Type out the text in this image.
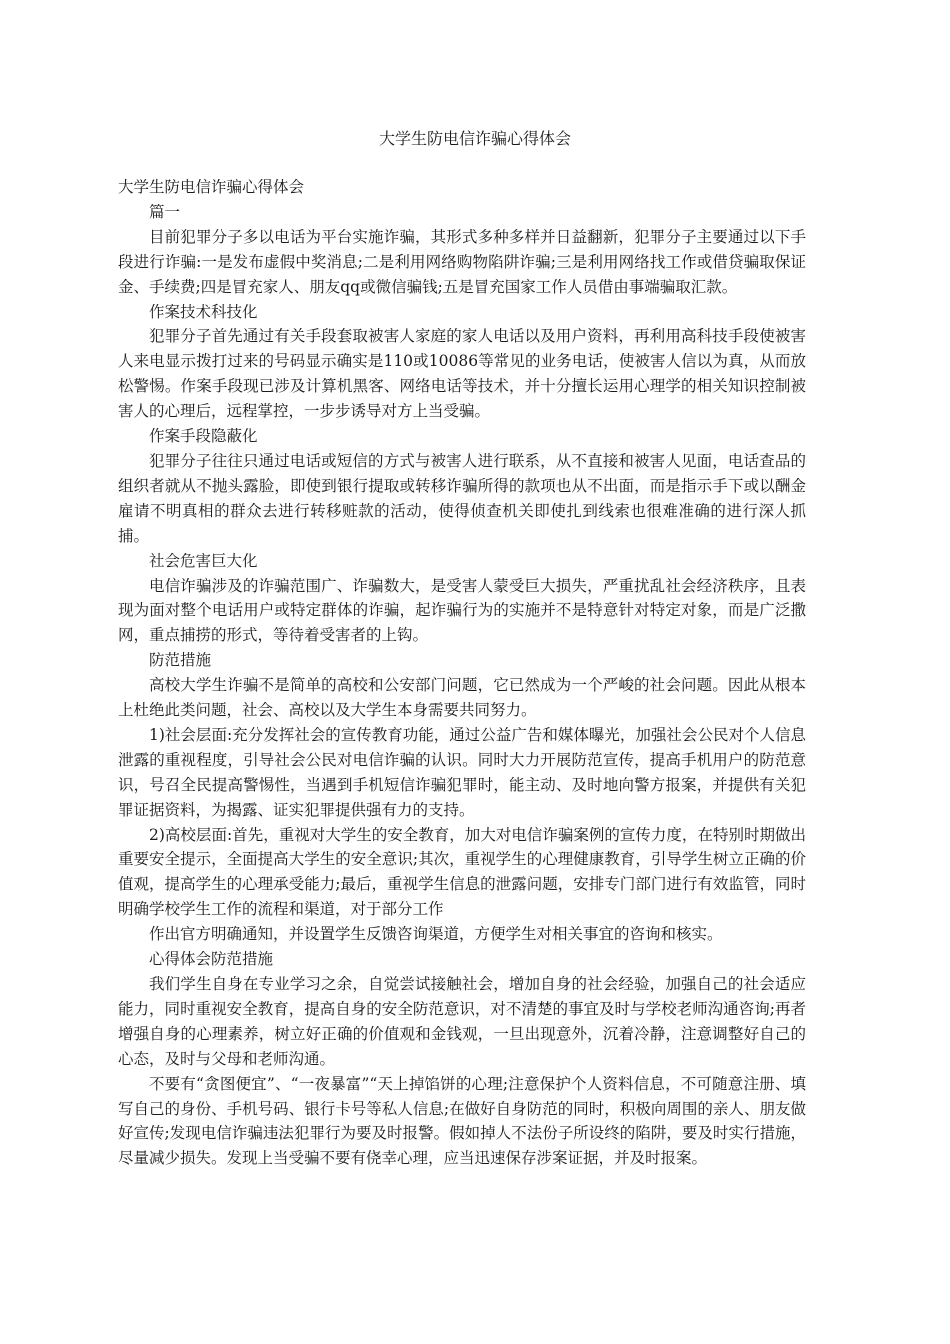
大学生防电信诈骗心得体会

大学生防电信诈骗心得体会

篇一

目前犯罪分子多以电话为平台实施诈骗，其形式多种多样并日益翻新，犯罪分子主要通过以下手段进行诈骗:一是发布虚假中奖消息;二是利用网络购物陷阱诈骗;三是利用网络找工作或借贷骗取保证金、手续费;四是冒充家人、朋友qq或微信骗钱;五是冒充国家工作人员借由事端骗取汇款。

作案技术科技化

犯罪分子首先通过有关手段套取被害人家庭的家人电话以及用户资料，再利用高科技手段使被害人来电显示拨打过来的号码显示确实是110或10086等常见的业务电话，使被害人信以为真，从而放松警惕。作案手段现已涉及计算机黑客、网络电话等技术，并十分擅长运用心理学的相关知识控制被害人的心理后，远程掌控，一步步诱导对方上当受骗。

作案手段隐蔽化

犯罪分子往往只通过电话或短信的方式与被害人进行联系，从不直接和被害人见面，电话查品的组织者就从不抛头露脸，即使到银行提取或转移诈骗所得的款项也从不出面，而是指示手下或以酬金雇请不明真相的群众去进行转移赃款的活动，使得侦查机关即使扎到线索也很难准确的进行深人抓捕。

社会危害巨大化

电信诈骗涉及的诈骗范围广、诈骗数大，是受害人蒙受巨大损失，严重扰乱社会经济秩序，且表现为面对整个电话用户或特定群体的诈骗，起诈骗行为的实施并不是特意针对特定对象，而是广泛撒网，重点捕捞的形式，等待着受害者的上钩。

防范措施

高校大学生诈骗不是简单的高校和公安部门问题，它已然成为一个严峻的社会问题。因此从根本上杜绝此类问题，社会、高校以及大学生本身需要共同努力。

1)社会层面:充分发挥社会的宣传教育功能，通过公益广告和媒体曝光，加强社会公民对个人信息泄露的重视程度，引导社会公民对电信诈骗的认识。同时大力开展防范宣传，提高手机用户的防范意识，号召全民提高警惕性，当遇到手机短信诈骗犯罪时，能主动、及时地向警方报案，并提供有关犯罪证据资料，为揭露、证实犯罪提供强有力的支持。

2)高校层面:首先，重视对大学生的安全教育，加大对电信诈骗案例的宣传力度，在特别时期做出重要安全提示，全面提高大学生的安全意识;其次，重视学生的心理健康教育，引导学生树立正确的价值观，提高学生的心理承受能力;最后，重视学生信息的泄露问题，安排专门部门进行有效监管，同时明确学校学生工作的流程和渠道，对于部分工作

作出官方明确通知，并设置学生反馈咨询渠道，方便学生对相关事宜的咨询和核实。

心得体会防范措施

我们学生自身在专业学习之余，自觉尝试接触社会，增加自身的社会经验，加强自己的社会适应能力，同时重视安全教育，提高自身的安全防范意识，对不清楚的事宜及时与学校老师沟通咨询;再者增强自身的心理素养，树立好正确的价值观和金钱观，一旦出现意外，沉着冷静，注意调整好自己的心态，及时与父母和老师沟通。

不要有“贪图便宜”、“一夜暴富”“天上掉馅饼的心理;注意保护个人资料信息，不可随意注册、填写自己的身份、手机号码、银行卡号等私人信息;在做好自身防范的同时，积极向周围的亲人、朋友做好宣传;发现电信诈骗违法犯罪行为要及时报警。假如掉人不法份子所设终的陷阱，要及时实行措施，尽量减少损失。发现上当受骗不要有侥幸心理，应当迅速保存涉案证据，并及时报案。
